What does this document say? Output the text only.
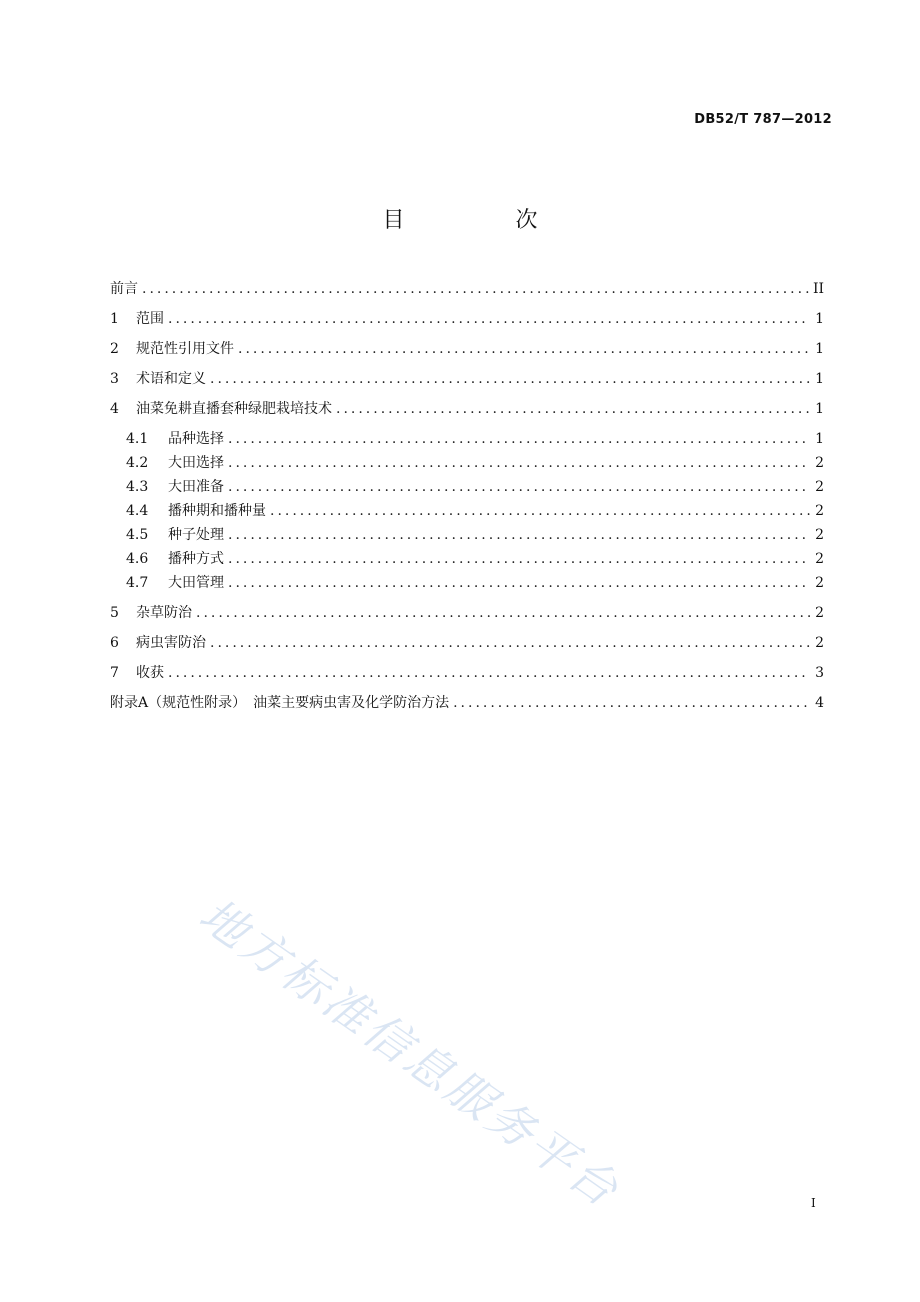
DB52/T 787—2012
目 次
前言 .....	II
1	范围 .....	1
2	规范性引用文件 .....	1
3	术语和定义 .....	1
4	油菜免耕直播套种绿肥栽培技术 .....	1
4.1	品种选择 .....	1
4.2	大田选择 .....	2
4.3	大田准备 .....	2
4.4	播种期和播种量 .....	2
4.5	种子处理 .....	2
4.6	播种方式 .....	2
4.7	大田管理 .....	2
5	杂草防治 .....	2
6	病虫害防治 .....	2
7	收获 .....	3
附录A（规范性附录）　油菜主要病虫害及化学防治方法 .....	4
地方标准信息服务平台	I
